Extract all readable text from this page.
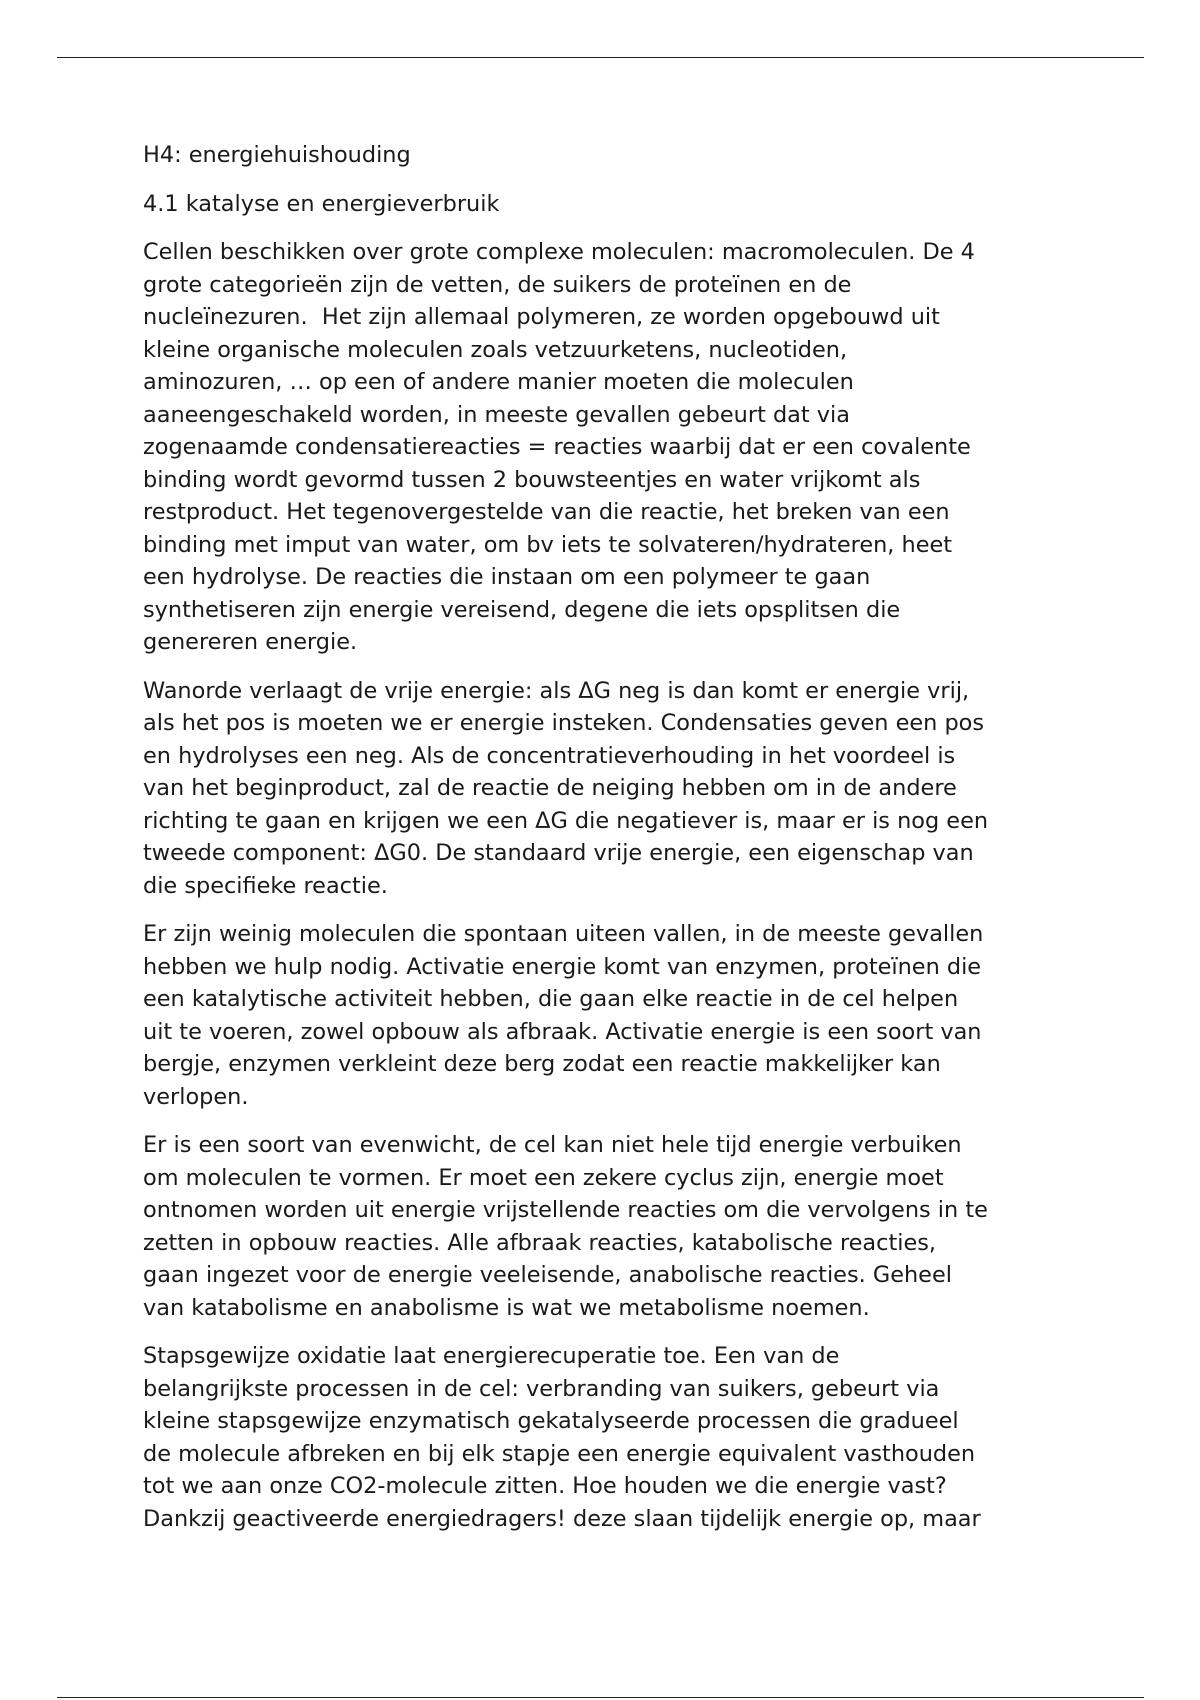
H4: energiehuishouding

4.1 katalyse en energieverbruik

Cellen beschikken over grote complexe moleculen: macromoleculen. De 4
grote categorieën zijn de vetten, de suikers de proteïnen en de
nucleïnezuren.  Het zijn allemaal polymeren, ze worden opgebouwd uit
kleine organische moleculen zoals vetzuurketens, nucleotiden,
aminozuren, … op een of andere manier moeten die moleculen
aaneengeschakeld worden, in meeste gevallen gebeurt dat via
zogenaamde condensatiereacties = reacties waarbij dat er een covalente
binding wordt gevormd tussen 2 bouwsteentjes en water vrijkomt als
restproduct. Het tegenovergestelde van die reactie, het breken van een
binding met imput van water, om bv iets te solvateren/hydrateren, heet
een hydrolyse. De reacties die instaan om een polymeer te gaan
synthetiseren zijn energie vereisend, degene die iets opsplitsen die
genereren energie.

Wanorde verlaagt de vrije energie: als ΔG neg is dan komt er energie vrij,
als het pos is moeten we er energie insteken. Condensaties geven een pos
en hydrolyses een neg. Als de concentratieverhouding in het voordeel is
van het beginproduct, zal de reactie de neiging hebben om in de andere
richting te gaan en krijgen we een ΔG die negatiever is, maar er is nog een
tweede component: ΔG0. De standaard vrije energie, een eigenschap van
die specifieke reactie.

Er zijn weinig moleculen die spontaan uiteen vallen, in de meeste gevallen
hebben we hulp nodig. Activatie energie komt van enzymen, proteïnen die
een katalytische activiteit hebben, die gaan elke reactie in de cel helpen
uit te voeren, zowel opbouw als afbraak. Activatie energie is een soort van
bergje, enzymen verkleint deze berg zodat een reactie makkelijker kan
verlopen.

Er is een soort van evenwicht, de cel kan niet hele tijd energie verbuiken
om moleculen te vormen. Er moet een zekere cyclus zijn, energie moet
ontnomen worden uit energie vrijstellende reacties om die vervolgens in te
zetten in opbouw reacties. Alle afbraak reacties, katabolische reacties,
gaan ingezet voor de energie veeleisende, anabolische reacties. Geheel
van katabolisme en anabolisme is wat we metabolisme noemen.

Stapsgewijze oxidatie laat energierecuperatie toe. Een van de
belangrijkste processen in de cel: verbranding van suikers, gebeurt via
kleine stapsgewijze enzymatisch gekatalyseerde processen die gradueel
de molecule afbreken en bij elk stapje een energie equivalent vasthouden
tot we aan onze CO2-molecule zitten. Hoe houden we die energie vast?
Dankzij geactiveerde energiedragers! deze slaan tijdelijk energie op, maar
